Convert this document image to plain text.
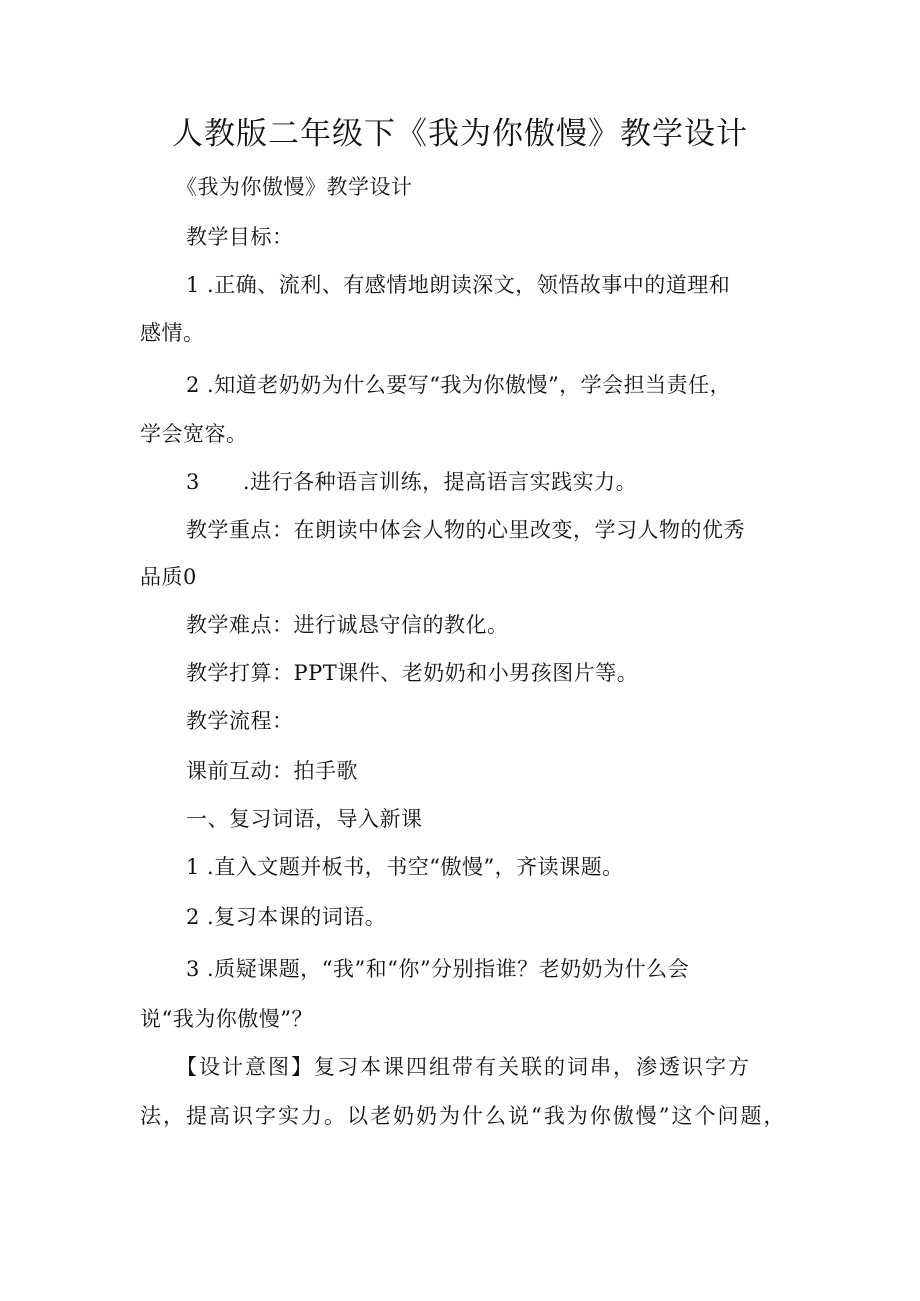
人教版二年级下《我为你傲慢》教学设计

《我为你傲慢》教学设计

教学目标：

1 .正确、流利、有感情地朗读深文，领悟故事中的道理和

感情。

2 .知道老奶奶为什么要写“我为你傲慢”，学会担当责任，

学会宽容。

3      .进行各种语言训练，提高语言实践实力。

教学重点：在朗读中体会人物的心里改变，学习人物的优秀

品质0

教学难点：进行诚恳守信的教化。

教学打算：PPT课件、老奶奶和小男孩图片等。

教学流程：

课前互动：拍手歌

一、复习词语，导入新课

1 .直入文题并板书，书空“傲慢”，齐读课题。

2 .复习本课的词语。

3 .质疑课题，“我”和“你”分别指谁？老奶奶为什么会

说“我为你傲慢”？

【设计意图】复习本课四组带有关联的词串，渗透识字方

法，提高识字实力。以老奶奶为什么说“我为你傲慢”这个问题，
